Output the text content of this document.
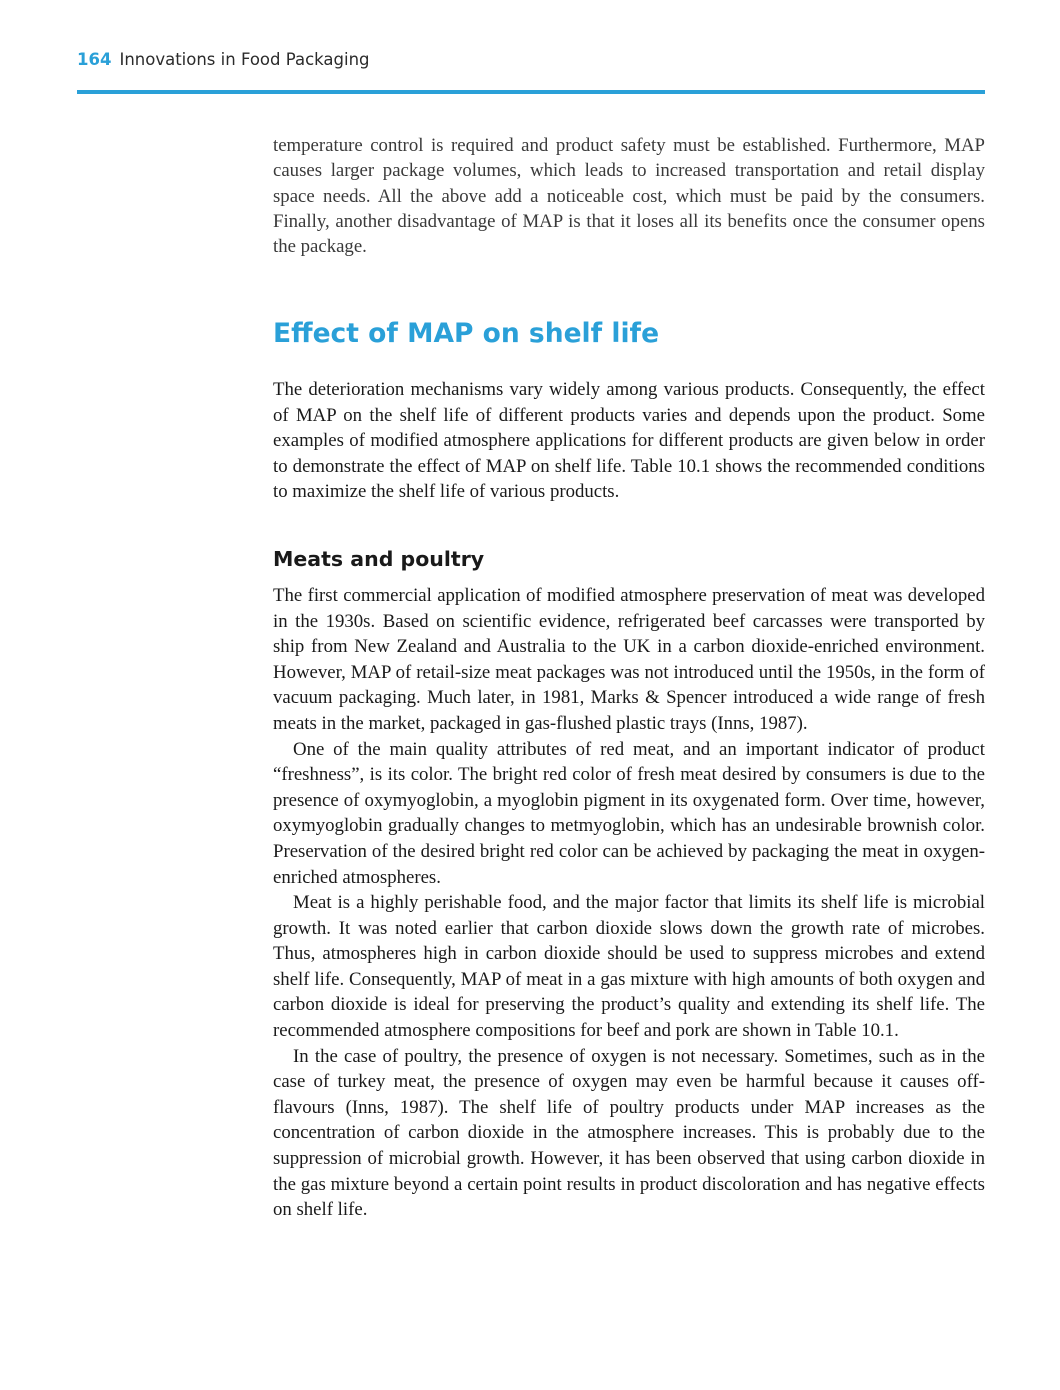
164 Innovations in Food Packaging

temperature control is required and product safety must be established. Furthermore, MAP causes larger package volumes, which leads to increased transportation and retail display space needs. All the above add a noticeable cost, which must be paid by the consumers. Finally, another disadvantage of MAP is that it loses all its benefits once the consumer opens the package.

Effect of MAP on shelf life

The deterioration mechanisms vary widely among various products. Consequently, the effect of MAP on the shelf life of different products varies and depends upon the product. Some examples of modified atmosphere applications for different products are given below in order to demonstrate the effect of MAP on shelf life. Table 10.1 shows the recommended conditions to maximize the shelf life of various products.

Meats and poultry

The first commercial application of modified atmosphere preservation of meat was developed in the 1930s. Based on scientific evidence, refrigerated beef carcasses were transported by ship from New Zealand and Australia to the UK in a carbon dioxide-enriched environment. However, MAP of retail-size meat packages was not introduced until the 1950s, in the form of vacuum packaging. Much later, in 1981, Marks & Spencer introduced a wide range of fresh meats in the market, packaged in gas-flushed plastic trays (Inns, 1987).

One of the main quality attributes of red meat, and an important indicator of product “freshness”, is its color. The bright red color of fresh meat desired by consumers is due to the presence of oxymyoglobin, a myoglobin pigment in its oxygenated form. Over time, however, oxymyoglobin gradually changes to metmyoglobin, which has an undesirable brownish color. Preservation of the desired bright red color can be achieved by packaging the meat in oxygen-enriched atmospheres.

Meat is a highly perishable food, and the major factor that limits its shelf life is microbial growth. It was noted earlier that carbon dioxide slows down the growth rate of microbes. Thus, atmospheres high in carbon dioxide should be used to suppress microbes and extend shelf life. Consequently, MAP of meat in a gas mixture with high amounts of both oxygen and carbon dioxide is ideal for preserving the product’s quality and extending its shelf life. The recommended atmosphere compositions for beef and pork are shown in Table 10.1.

In the case of poultry, the presence of oxygen is not necessary. Sometimes, such as in the case of turkey meat, the presence of oxygen may even be harmful because it causes off-flavours (Inns, 1987). The shelf life of poultry products under MAP increases as the concentration of carbon dioxide in the atmosphere increases. This is probably due to the suppression of microbial growth. However, it has been observed that using carbon dioxide in the gas mixture beyond a certain point results in product discoloration and has negative effects on shelf life.
